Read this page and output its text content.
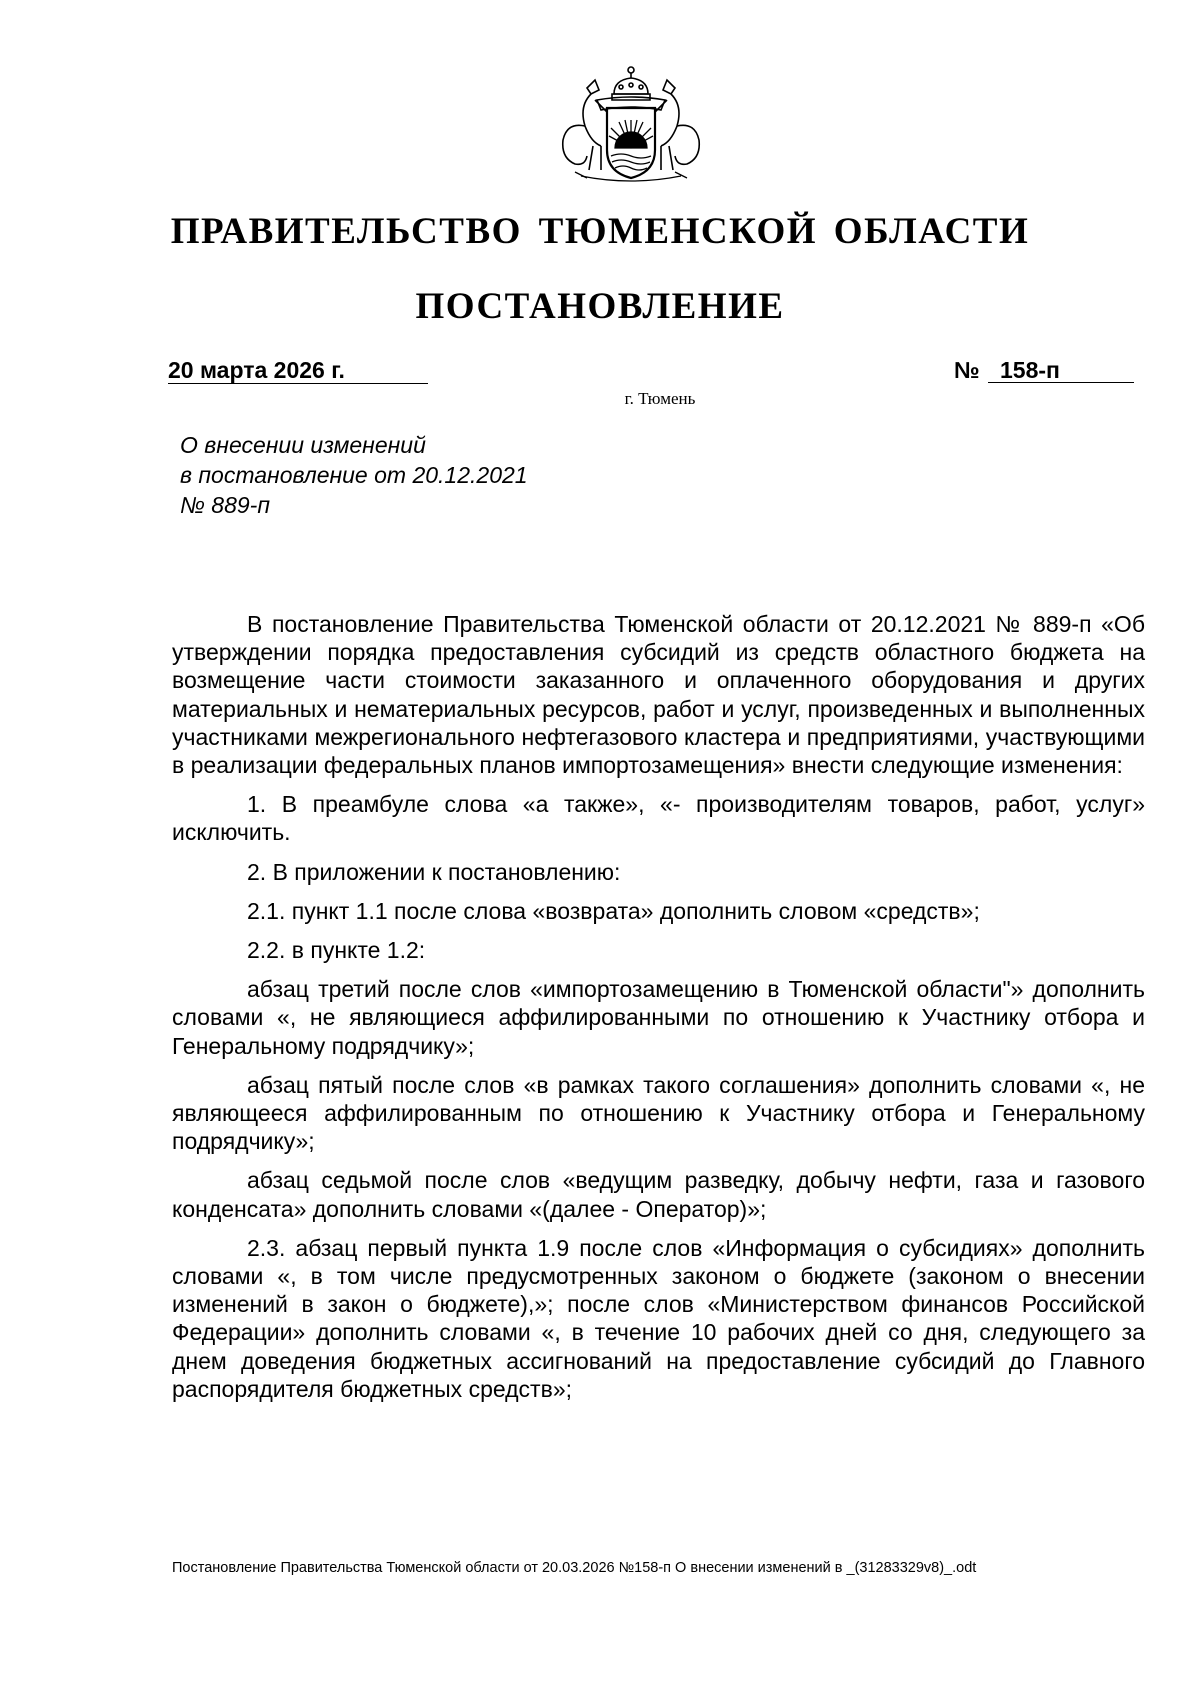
ПРАВИТЕЛЬСТВО ТЮМЕНСКОЙ ОБЛАСТИ
ПОСТАНОВЛЕНИЕ
20 марта 2026 г.	№ 158-п
г. Тюмень
О внесении изменений
в постановление от 20.12.2021
№ 889-п

В постановление Правительства Тюменской области от 20.12.2021 № 889-п «Об утверждении порядка предоставления субсидий из средств областного бюджета на возмещение части стоимости заказанного и оплаченного оборудования и других материальных и нематериальных ресурсов, работ и услуг, произведенных и выполненных участниками межрегионального нефтегазового кластера и предприятиями, участвующими в реализации федеральных планов импортозамещения» внести следующие изменения:

1. В преамбуле слова «а также», «- производителям товаров, работ, услуг» исключить.

2. В приложении к постановлению:

2.1. пункт 1.1 после слова «возврата» дополнить словом «средств»;

2.2. в пункте 1.2:

абзац третий после слов «импортозамещению в Тюменской области"» дополнить словами «, не являющиеся аффилированными по отношению к Участнику отбора и Генеральному подрядчику»;

абзац пятый после слов «в рамках такого соглашения» дополнить словами «, не являющееся аффилированным по отношению к Участнику отбора и Генеральному подрядчику»;

абзац седьмой после слов «ведущим разведку, добычу нефти, газа и газового конденсата» дополнить словами «(далее - Оператор)»;

2.3. абзац первый пункта 1.9 после слов «Информация о субсидиях» дополнить словами «, в том числе предусмотренных законом о бюджете (законом о внесении изменений в закон о бюджете),»; после слов «Министерством финансов Российской Федерации» дополнить словами «, в течение 10 рабочих дней со дня, следующего за днем доведения бюджетных ассигнований на предоставление субсидий до Главного распорядителя бюджетных средств»;

Постановление Правительства Тюменской области от 20.03.2026 №158-п О внесении изменений в _(31283329v8)_.odt
